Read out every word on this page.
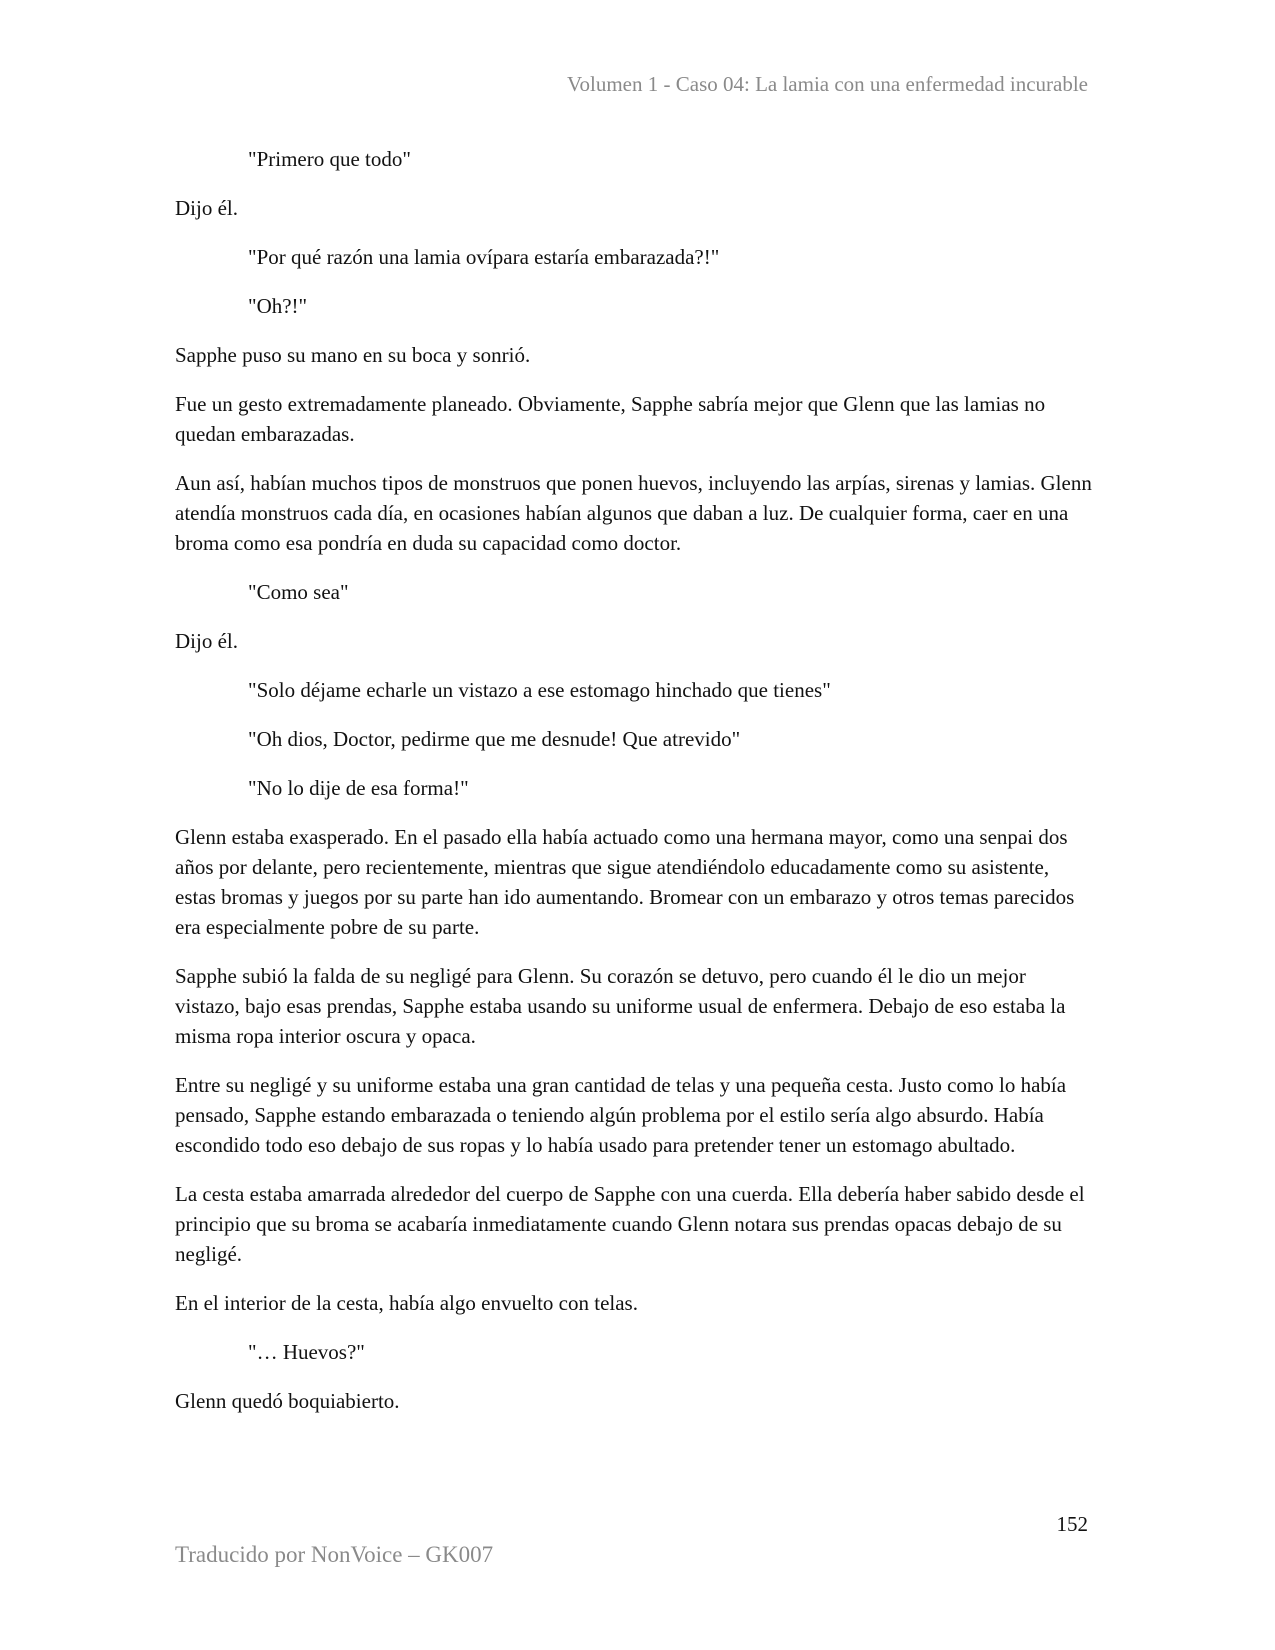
Volumen 1 - Caso 04: La lamia con una enfermedad incurable

"Primero que todo"

Dijo él.

"Por qué razón una lamia ovípara estaría embarazada?!"

"Oh?!"

Sapphe puso su mano en su boca y sonrió.

Fue un gesto extremadamente planeado. Obviamente, Sapphe sabría mejor que Glenn que las lamias no quedan embarazadas.

Aun así, habían muchos tipos de monstruos que ponen huevos, incluyendo las arpías, sirenas y lamias. Glenn atendía monstruos cada día, en ocasiones habían algunos que daban a luz. De cualquier forma, caer en una broma como esa pondría en duda su capacidad como doctor.

"Como sea"

Dijo él.

"Solo déjame echarle un vistazo a ese estomago hinchado que tienes"

"Oh dios, Doctor, pedirme que me desnude! Que atrevido"

"No lo dije de esa forma!"

Glenn estaba exasperado. En el pasado ella había actuado como una hermana mayor, como una senpai dos años por delante, pero recientemente, mientras que sigue atendiéndolo educadamente como su asistente, estas bromas y juegos por su parte han ido aumentando. Bromear con un embarazo y otros temas parecidos era especialmente pobre de su parte.

Sapphe subió la falda de su negligé para Glenn. Su corazón se detuvo, pero cuando él le dio un mejor vistazo, bajo esas prendas, Sapphe estaba usando su uniforme usual de enfermera. Debajo de eso estaba la misma ropa interior oscura y opaca.

Entre su negligé y su uniforme estaba una gran cantidad de telas y una pequeña cesta. Justo como lo había pensado, Sapphe estando embarazada o teniendo algún problema por el estilo sería algo absurdo. Había escondido todo eso debajo de sus ropas y lo había usado para pretender tener un estomago abultado.

La cesta estaba amarrada alrededor del cuerpo de Sapphe con una cuerda. Ella debería haber sabido desde el principio que su broma se acabaría inmediatamente cuando Glenn notara sus prendas opacas debajo de su negligé.

En el interior de la cesta, había algo envuelto con telas.

"… Huevos?"

Glenn quedó boquiabierto.

152
Traducido por NonVoice – GK007
